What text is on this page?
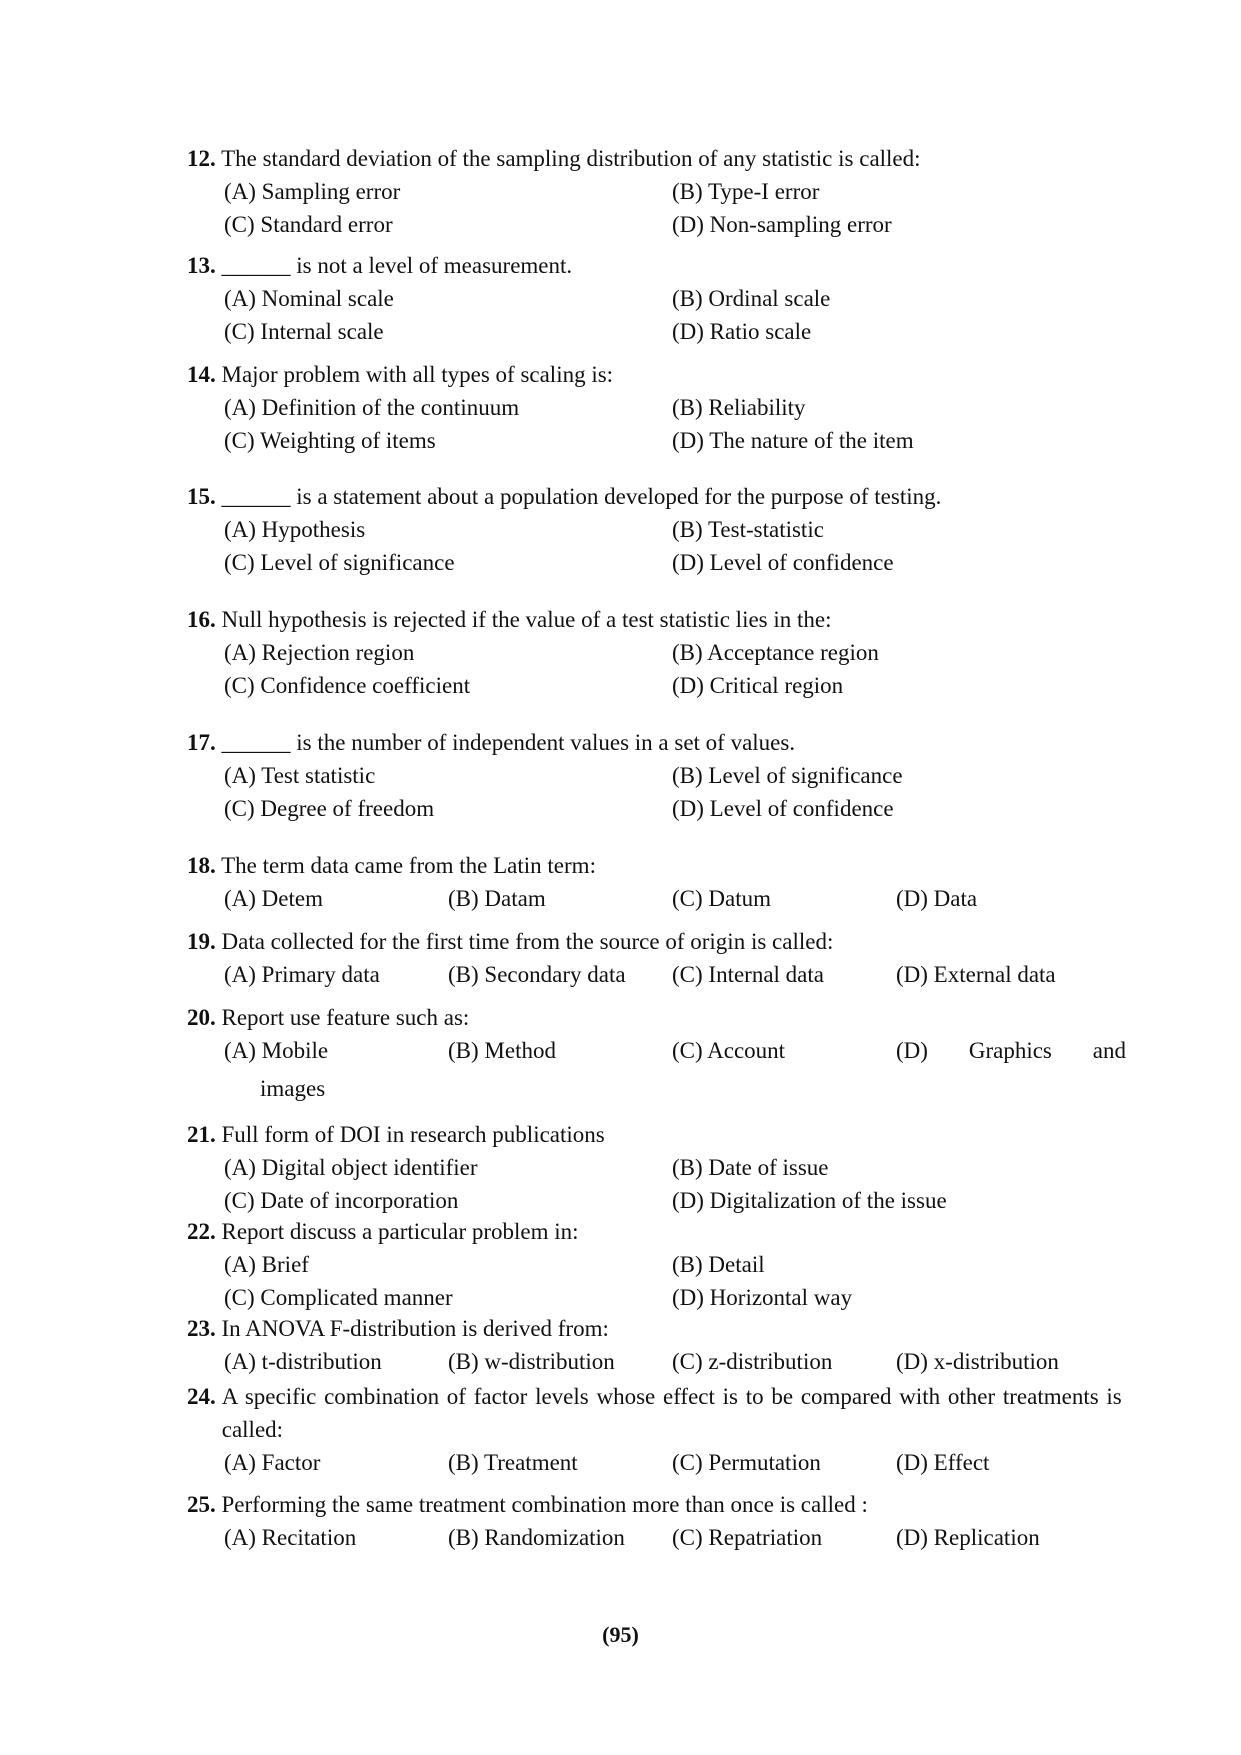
12. The standard deviation of the sampling distribution of any statistic is called:
(A) Sampling error	(B) Type-I error
(C) Standard error	(D) Non-sampling error
13. ______ is not a level of measurement.
(A) Nominal scale	(B) Ordinal scale
(C) Internal scale	(D) Ratio scale
14. Major problem with all types of scaling is:
(A) Definition of the continuum	(B) Reliability
(C) Weighting of items	(D) The nature of the item
15. ______ is a statement about a population developed for the purpose of testing.
(A) Hypothesis	(B) Test-statistic
(C) Level of significance	(D) Level of confidence
16. Null hypothesis is rejected if the value of a test statistic lies in the:
(A) Rejection region	(B) Acceptance region
(C) Confidence coefficient	(D) Critical region
17. ______ is the number of independent values in a set of values.
(A) Test statistic	(B) Level of significance
(C) Degree of freedom	(D) Level of confidence
18. The term data came from the Latin term:
(A) Detem	(B) Datam	(C) Datum	(D) Data
19. Data collected for the first time from the source of origin is called:
(A) Primary data	(B) Secondary data (C) Internal data	(D) External data
20. Report use feature such as:
(A) Mobile	(B) Method	(C) Account	(D) Graphics and
images
21. Full form of DOI in research publications
(A) Digital object identifier	(B) Date of issue
(C) Date of incorporation	(D) Digitalization of the issue
22. Report discuss a particular problem in:
(A) Brief	(B) Detail
(C) Complicated manner	(D) Horizontal way
23. In ANOVA F-distribution is derived from:
(A) t-distribution	(B) w-distribution (C) z-distribution	(D) x-distribution
24. A specific combination of factor levels whose effect is to be compared with other treatments is called:
(A) Factor	(B) Treatment	(C) Permutation	(D) Effect
25. Performing the same treatment combination more than once is called :
(A) Recitation	(B) Randomization (C) Repatriation	(D) Replication
(95)
